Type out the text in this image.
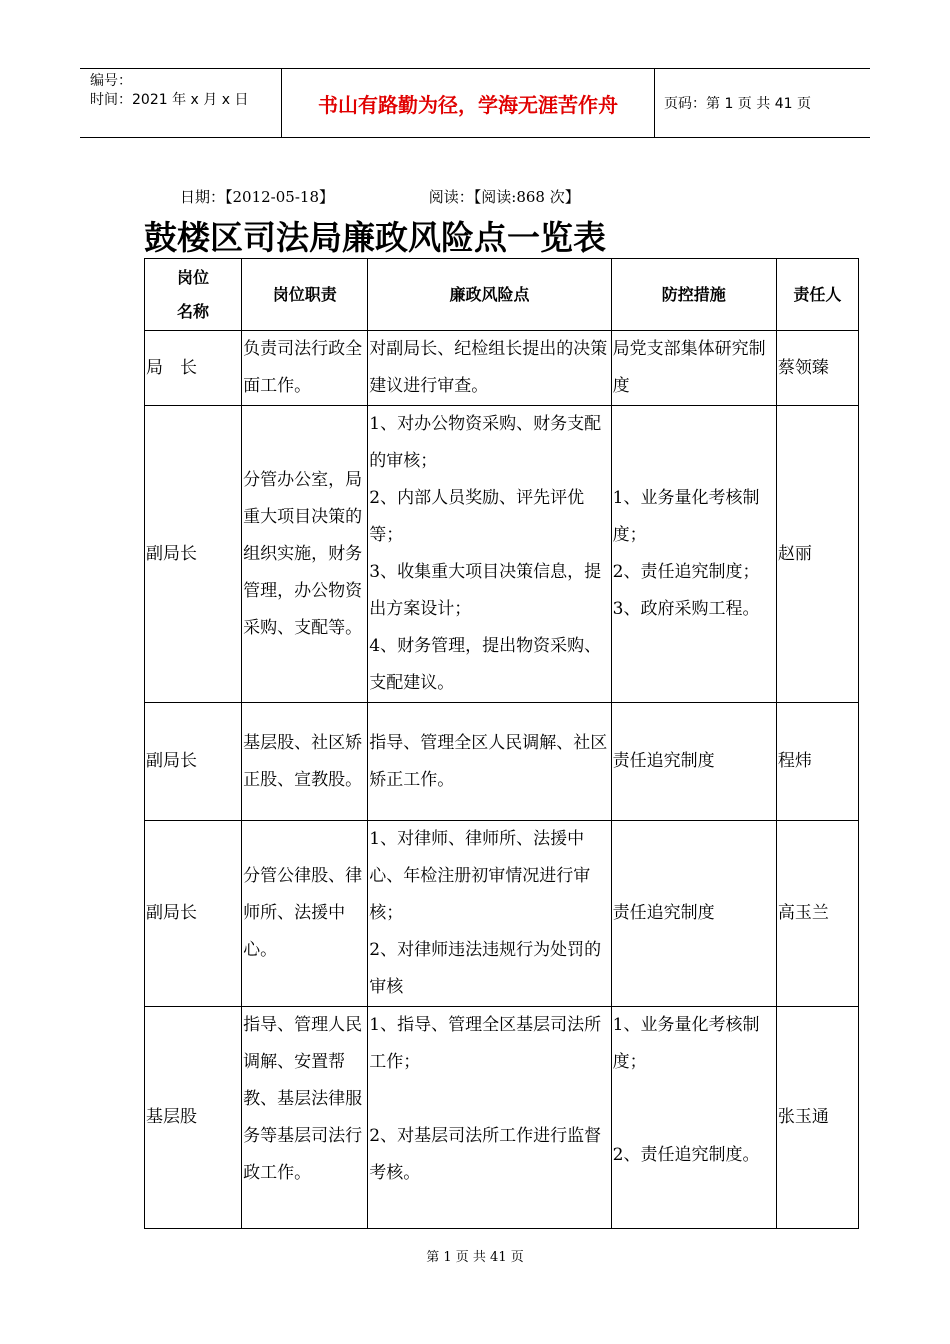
编号：
时间：2021 年 x 月 x 日	书山有路勤为径，学海无涯苦作舟	页码：第 1 页 共 41 页
日期：【2012-05-18】	阅读：【阅读:868 次】
鼓楼区司法局廉政风险点一览表
岗位
名称	岗位职责	廉政风险点	防控措施	责任人
局　长	负责司法行政全面工作。	对副局长、纪检组长提出的决策建议进行审查。	局党支部集体研究制度	蔡领臻
副局长	分管办公室，局重大项目决策的组织实施，财务管理，办公物资采购、支配等。	1、对办公物资采购、财务支配的审核；
2、内部人员奖励、评先评优等；
3、收集重大项目决策信息，提出方案设计；
4、财务管理，提出物资采购、支配建议。	1、业务量化考核制度；
2、责任追究制度；
3、政府采购工程。	赵丽
副局长	基层股、社区矫正股、宣教股。	指导、管理全区人民调解、社区矫正工作。	责任追究制度	程炜
副局长	分管公律股、律师所、法援中心。	1、对律师、律师所、法援中心、年检注册初审情况进行审核；
2、对律师违法违规行为处罚的审核	责任追究制度	高玉兰
基层股	指导、管理人民调解、安置帮教、基层法律服务等基层司法行政工作。	1、指导、管理全区基层司法所工作；
2、对基层司法所工作进行监督考核。	1、业务量化考核制度；
2、责任追究制度。	张玉通
第 1 页 共 41 页
